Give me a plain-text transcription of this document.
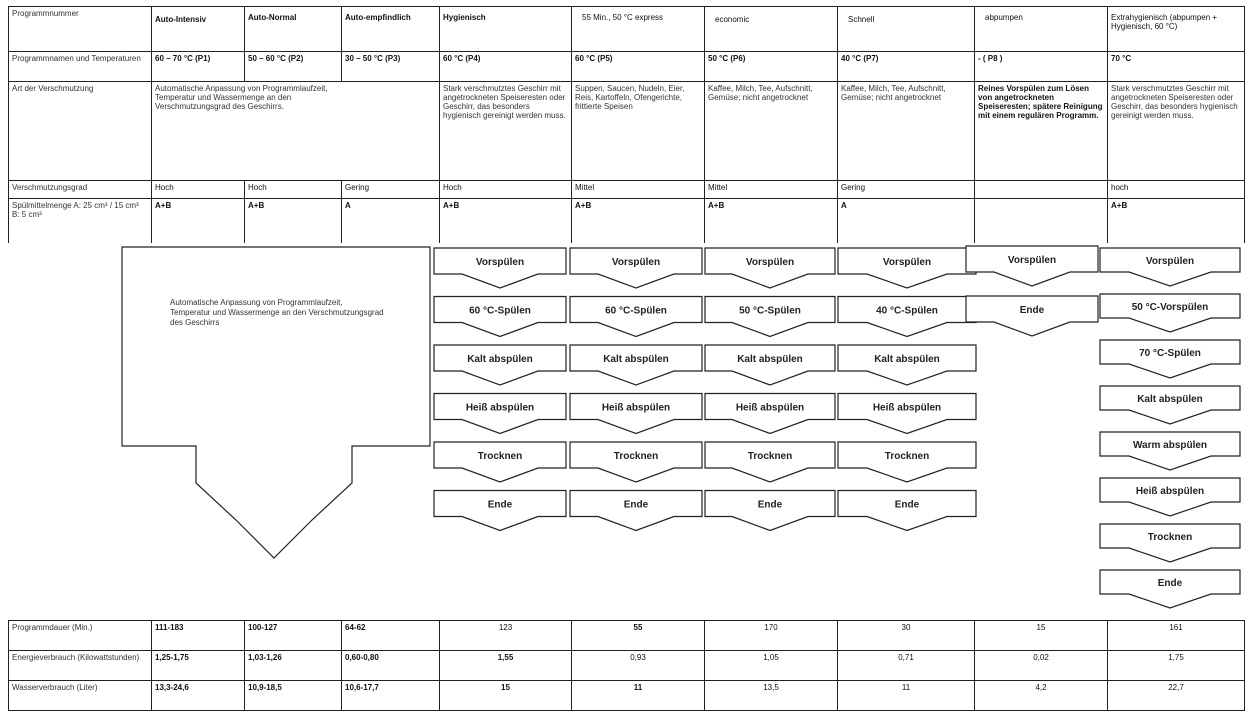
Programmnummer	Auto-Intensiv	Auto-Normal	Auto-empfindlich	Hygienisch	55 Min., 50 °C express	economic	Schnell	abpumpen	Extrahygienisch (abpumpen + Hygienisch, 60 °C)
Programmnamen und Temperaturen	60 – 70 °C (P1)	50 – 60 °C (P2)	30 – 50 °C (P3)	60 °C (P4)	60 °C (P5)	50 °C (P6)	40 °C (P7)	- ( P8 )	70 °C
Art der Verschmutzung	Automatische Anpassung von Programmlaufzeit, Temperatur und Wassermenge an den Verschmutzungsgrad des Geschirrs.			Stark verschmutztes Geschirr mit angetrockneten Speiseresten oder Geschirr, das besonders hygienisch gereinigt werden muss.	Suppen, Saucen, Nudeln, Eier, Reis, Kartoffeln, Ofengerichte, frittierte Speisen	Kaffee, Milch, Tee, Aufschnitt, Gemüse; nicht angetrocknet	Kaffee, Milch, Tee, Aufschnitt, Gemüse; nicht angetrocknet	Reines Vorspülen zum Lösen von angetrockneten Speiseresten; spätere Reinigung mit einem regulären Programm.	Stark verschmutztes Geschirr mit angetrockneten Speiseresten oder Geschirr, das besonders hygienisch gereinigt werden muss.
Verschmutzungsgrad	Hoch	Hoch	Gering	Hoch	Mittel	Mittel	Gering		hoch
Spülmittelmenge A: 25 cm³ / 15 cm³ B: 5 cm³	A+B	A+B	A	A+B	A+B	A+B	A		A+B
Automatische Anpassung von Programmlaufzeit, Temperatur und Wassermenge an den Verschmutzungsgrad des Geschirrs
Vorspülen
60 °C-Spülen
Kalt abspülen
Heiß abspülen
Trocknen
Ende
Vorspülen
60 °C-Spülen
Kalt abspülen
Heiß abspülen
Trocknen
Ende
Vorspülen
50 °C-Spülen
Kalt abspülen
Heiß abspülen
Trocknen
Ende
Vorspülen
40 °C-Spülen
Kalt abspülen
Heiß abspülen
Trocknen
Ende
Vorspülen
Ende
Vorspülen
50 °C-Vorspülen
70 °C-Spülen
Kalt abspülen
Warm abspülen
Heiß abspülen
Trocknen
Ende
Programmdauer (Min.)	111-183	100-127	64-62	123	55	170	30	15	161
Energieverbrauch (Kilowattstunden)	1,25-1,75	1,03-1,26	0,60-0,80	1,55	0,93	1,05	0,71	0,02	1,75
Wasserverbrauch (Liter)	13,3-24,6	10,9-18,5	10,6-17,7	15	11	13,5	11	4,2	22,7
